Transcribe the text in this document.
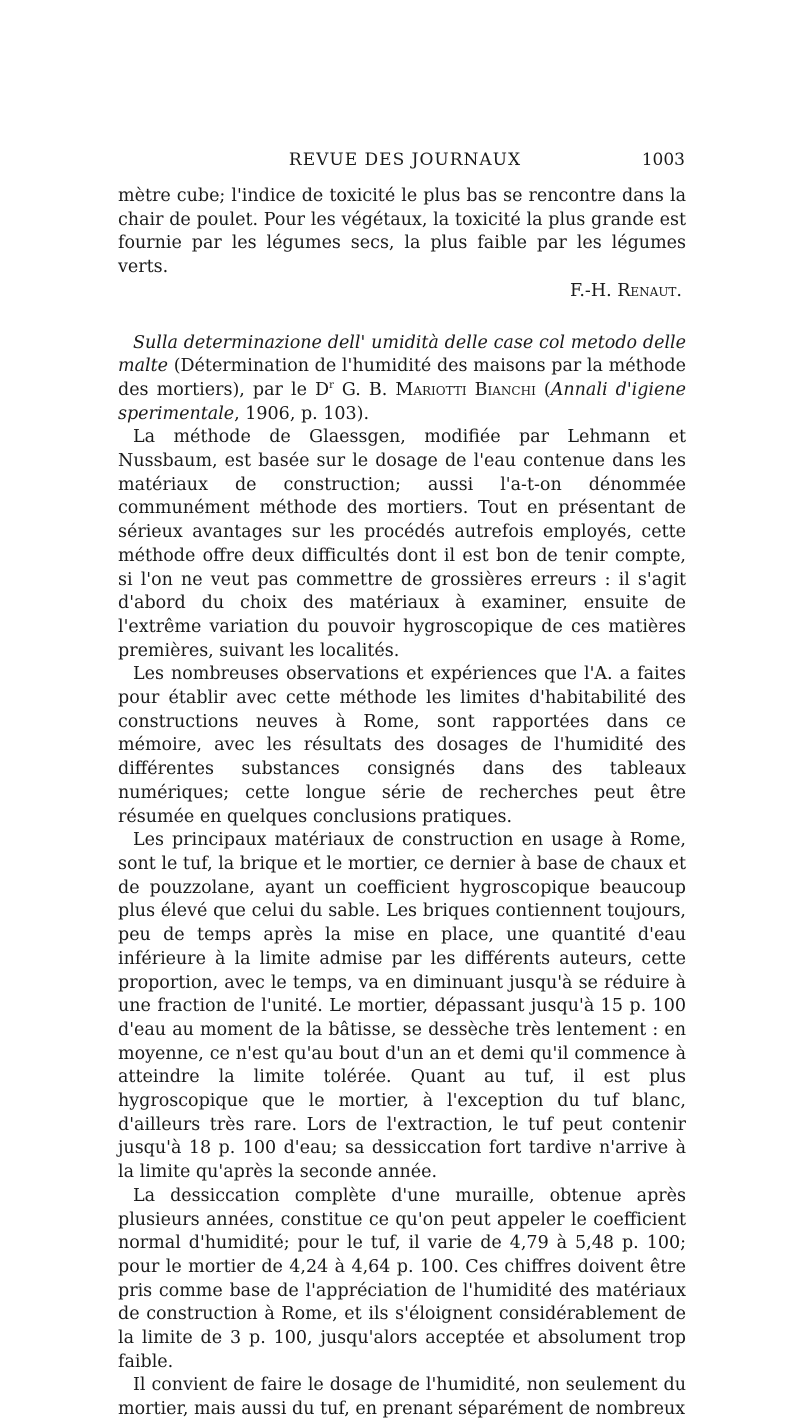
REVUE DES JOURNAUX	1003

mètre cube; l'indice de toxicité le plus bas se rencontre dans la chair de poulet. Pour les végétaux, la toxicité la plus grande est fournie par les légumes secs, la plus faible par les légumes verts.

F.-H. Renaut.

Sulla determinazione dell' umidità delle case col metodo delle malte (Détermination de l'humidité des maisons par la méthode des mortiers), par le $D^r$ G. B. Mariotti Bianchi (Annali d'igiene sperimentale, 1906, p. 103).

La méthode de Glaessgen, modifiée par Lehmann et Nussbaum, est basée sur le dosage de l'eau contenue dans les matériaux de construction; aussi l'a-t-on dénommée communément méthode des mortiers. Tout en présentant de sérieux avantages sur les procédés autrefois employés, cette méthode offre deux difficultés dont il est bon de tenir compte, si l'on ne veut pas commettre de grossières erreurs : il s'agit d'abord du choix des matériaux à examiner, ensuite de l'extrême variation du pouvoir hygroscopique de ces matières premières, suivant les localités.

Les nombreuses observations et expériences que l'A. a faites pour établir avec cette méthode les limites d'habitabilité des constructions neuves à Rome, sont rapportées dans ce mémoire, avec les résultats des dosages de l'humidité des différentes substances consignés dans des tableaux numériques; cette longue série de recherches peut être résumée en quelques conclusions pratiques.

Les principaux matériaux de construction en usage à Rome, sont le tuf, la brique et le mortier, ce dernier à base de chaux et de pouzzolane, ayant un coefficient hygroscopique beaucoup plus élevé que celui du sable. Les briques contiennent toujours, peu de temps après la mise en place, une quantité d'eau inférieure à la limite admise par les différents auteurs, cette proportion, avec le temps, va en diminuant jusqu'à se réduire à une fraction de l'unité. Le mortier, dépassant jusqu'à 15 p. 100 d'eau au moment de la bâtisse, se dessèche très lentement : en moyenne, ce n'est qu'au bout d'un an et demi qu'il commence à atteindre la limite tolérée. Quant au tuf, il est plus hygroscopique que le mortier, à l'exception du tuf blanc, d'ailleurs très rare. Lors de l'extraction, le tuf peut contenir jusqu'à 18 p. 100 d'eau; sa dessiccation fort tardive n'arrive à la limite qu'après la seconde année.

La dessiccation complète d'une muraille, obtenue après plusieurs années, constitue ce qu'on peut appeler le coefficient normal d'humidité; pour le tuf, il varie de 4,79 à 5,48 p. 100; pour le mortier de 4,24 à 4,64 p. 100. Ces chiffres doivent être pris comme base de l'appréciation de l'humidité des matériaux de construction à Rome, et ils s'éloignent considérablement de la limite de 3 p. 100, jusqu'alors acceptée et absolument trop faible.

Il convient de faire le dosage de l'humidité, non seulement du mortier, mais aussi du tuf, en prenant séparément de nombreux
